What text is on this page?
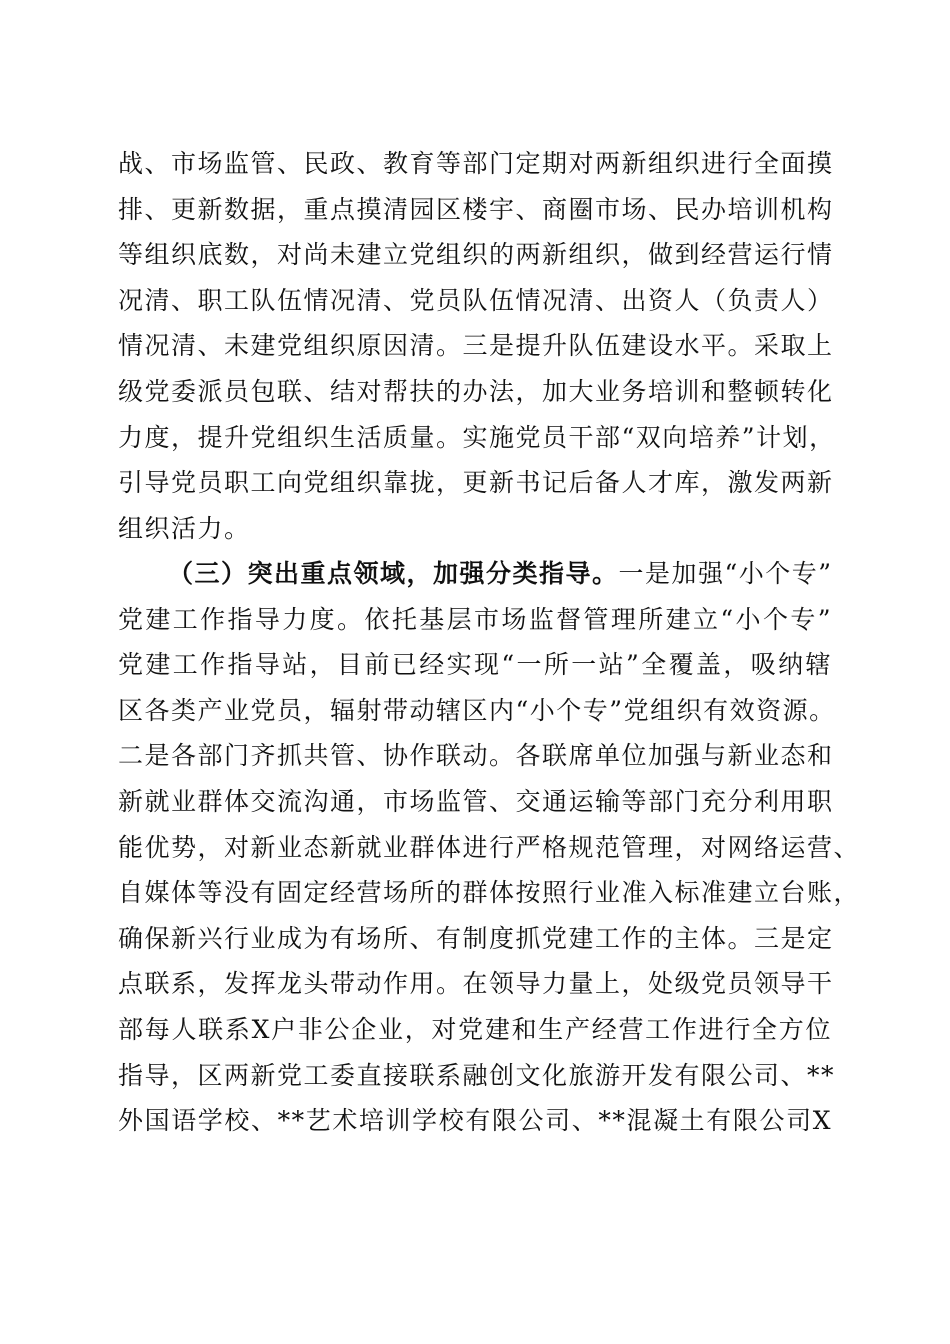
战、市场监管、民政、教育等部门定期对两新组织进行全面摸
排、更新数据，重点摸清园区楼宇、商圈市场、民办培训机构
等组织底数，对尚未建立党组织的两新组织，做到经营运行情
况清、职工队伍情况清、党员队伍情况清、出资人（负责人）
情况清、未建党组织原因清。三是提升队伍建设水平。采取上
级党委派员包联、结对帮扶的办法，加大业务培训和整顿转化
力度，提升党组织生活质量。实施党员干部“双向培养”计划，
引导党员职工向党组织靠拢，更新书记后备人才库，激发两新
组织活力。
（三）突出重点领域，加强分类指导。一是加强“小个专”
党建工作指导力度。依托基层市场监督管理所建立“小个专”
党建工作指导站，目前已经实现“一所一站”全覆盖，吸纳辖
区各类产业党员，辐射带动辖区内“小个专”党组织有效资源。
二是各部门齐抓共管、协作联动。各联席单位加强与新业态和
新就业群体交流沟通，市场监管、交通运输等部门充分利用职
能优势，对新业态新就业群体进行严格规范管理，对网络运营、
自媒体等没有固定经营场所的群体按照行业准入标准建立台账，
确保新兴行业成为有场所、有制度抓党建工作的主体。三是定
点联系，发挥龙头带动作用。在领导力量上，处级党员领导干
部每人联系X户非公企业，对党建和生产经营工作进行全方位
指导，区两新党工委直接联系融创文化旅游开发有限公司、**
外国语学校、**艺术培训学校有限公司、**混凝土有限公司X
